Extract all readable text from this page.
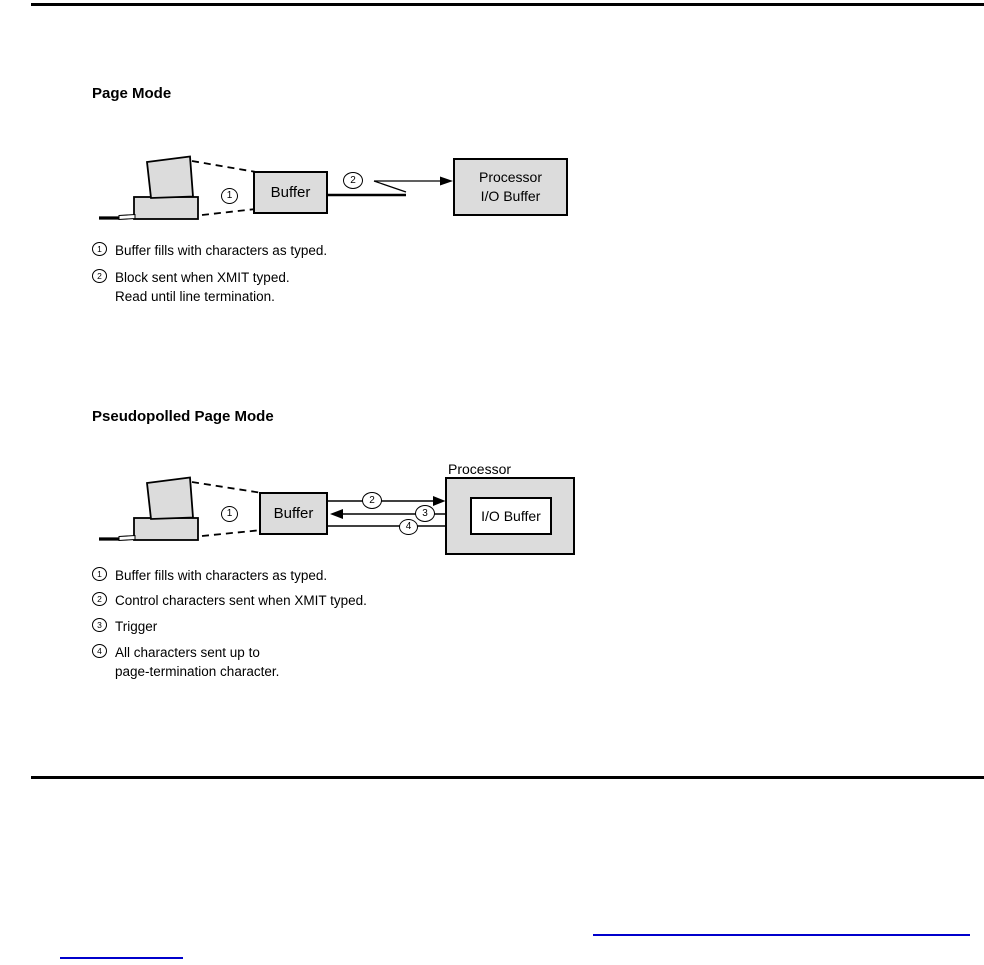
Page Mode
Buffer
Processor
I/O Buffer
1
2
1 Buffer fills with characters as typed.
2 Block sent when XMIT typed.
Read until line termination.
Pseudopolled Page Mode
Processor
Buffer	I/O Buffer
1
2
3
4
1 Buffer fills with characters as typed.
2 Control characters sent when XMIT typed.
3 Trigger
4 All characters sent up to
page-termination character.
